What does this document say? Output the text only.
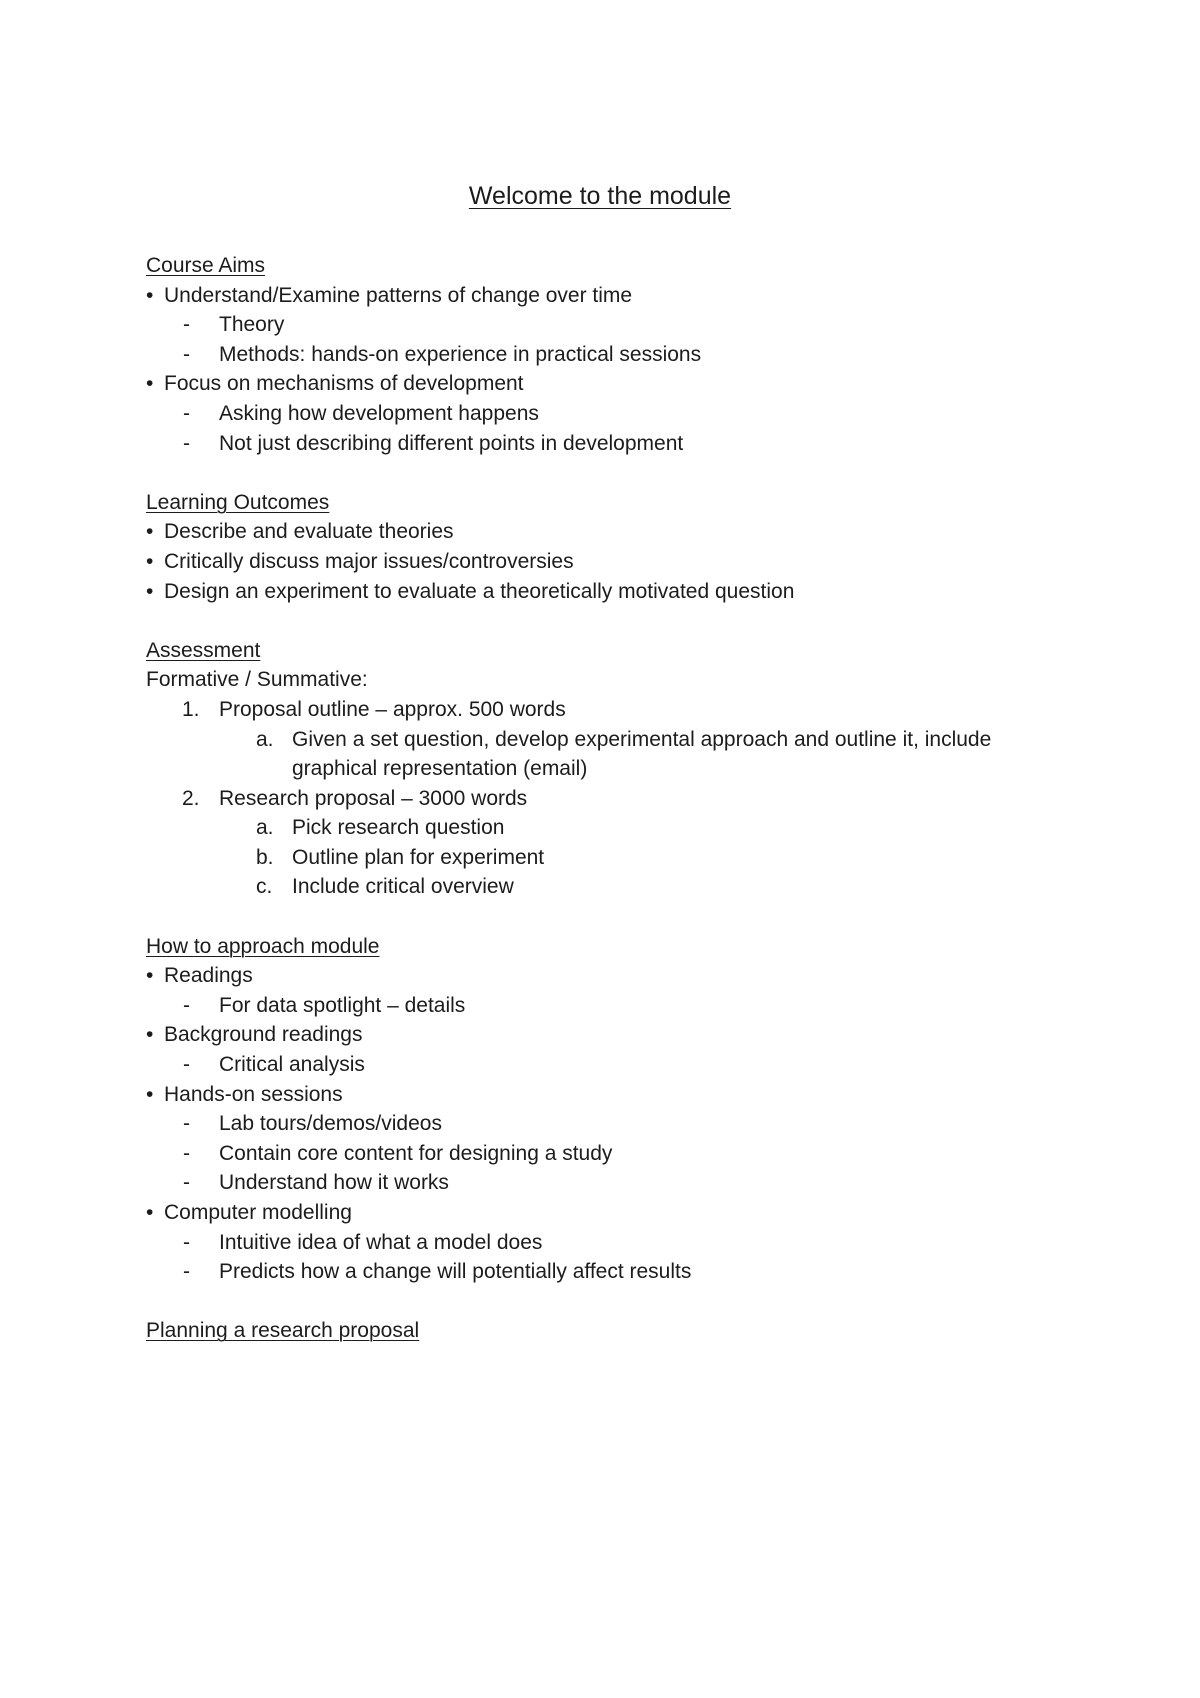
Welcome to the module
Course Aims
• Understand/Examine patterns of change over time
- Theory
- Methods: hands-on experience in practical sessions
• Focus on mechanisms of development
- Asking how development happens
- Not just describing different points in development
Learning Outcomes
• Describe and evaluate theories
• Critically discuss major issues/controversies
• Design an experiment to evaluate a theoretically motivated question
Assessment
Formative / Summative:
1. Proposal outline – approx. 500 words
a. Given a set question, develop experimental approach and outline it, include
graphical representation (email)
2. Research proposal – 3000 words
a. Pick research question
b. Outline plan for experiment
c. Include critical overview
How to approach module
• Readings
- For data spotlight – details
• Background readings
- Critical analysis
• Hands-on sessions
- Lab tours/demos/videos
- Contain core content for designing a study
- Understand how it works
• Computer modelling
- Intuitive idea of what a model does
- Predicts how a change will potentially affect results
Planning a research proposal
